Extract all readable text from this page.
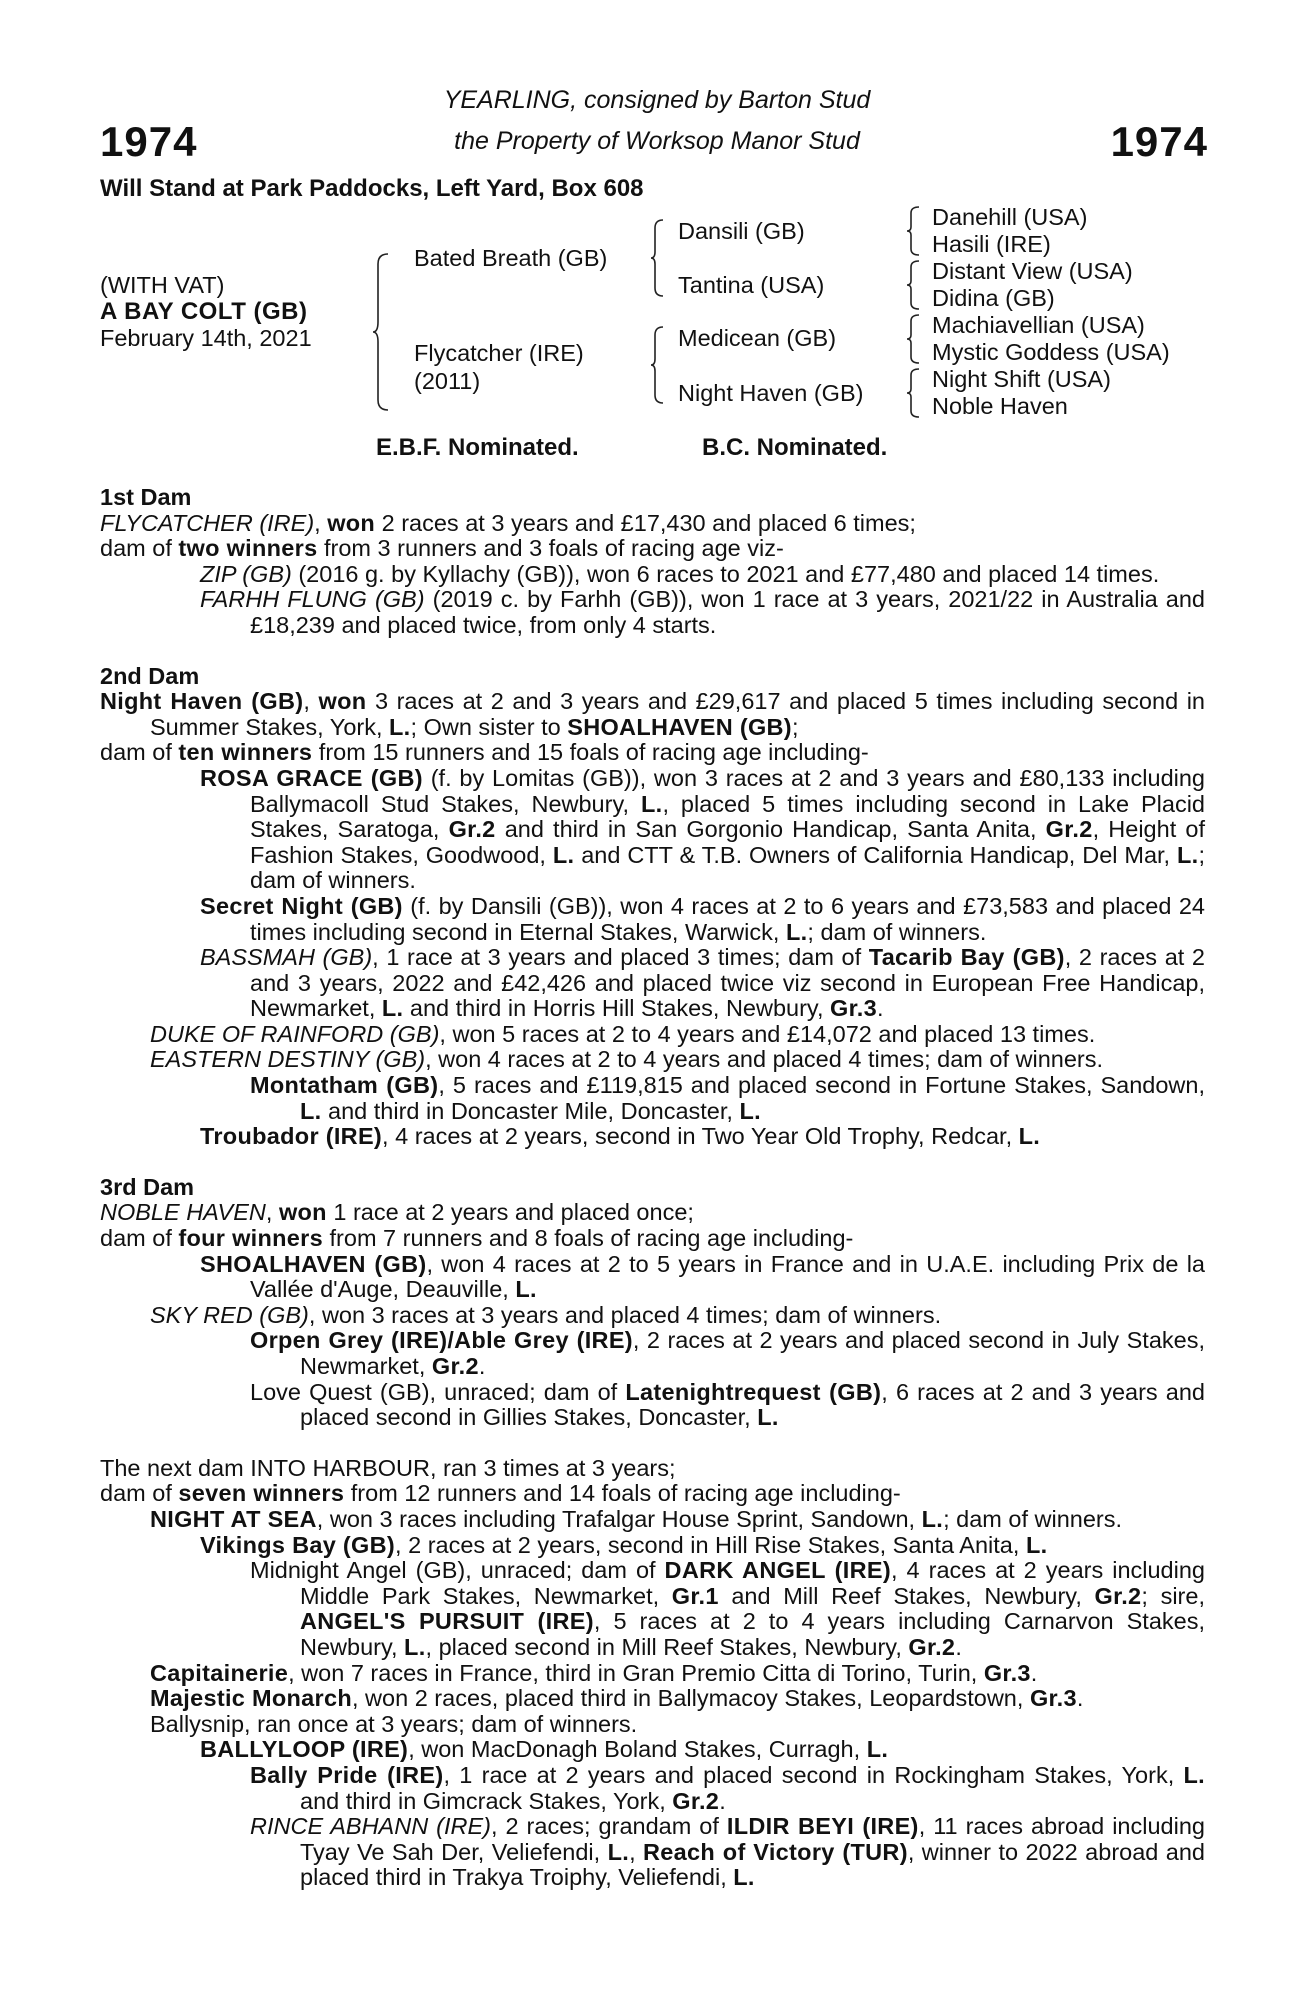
1974	1974
YEARLING, consigned by Barton Stud
the Property of Worksop Manor Stud
Will Stand at Park Paddocks, Left Yard, Box 608
(WITH VAT)
A BAY COLT (GB)
February 14th, 2021
Bated Breath (GB)
Flycatcher (IRE)
(2011)
Dansili (GB)
Tantina (USA)
Medicean (GB)
Night Haven (GB)
Danehill (USA)
Hasili (IRE)
Distant View (USA)
Didina (GB)
Machiavellian (USA)
Mystic Goddess (USA)
Night Shift (USA)
Noble Haven
E.B.F. Nominated.	B.C. Nominated.
1st Dam
FLYCATCHER (IRE), won 2 races at 3 years and £17,430 and placed 6 times;
dam of two winners from 3 runners and 3 foals of racing age viz-
ZIP (GB) (2016 g. by Kyllachy (GB)), won 6 races to 2021 and £77,480 and placed 14 times.
FARHH FLUNG (GB) (2019 c. by Farhh (GB)), won 1 race at 3 years, 2021/22 in Australia and £18,239 and placed twice, from only 4 starts.
2nd Dam
Night Haven (GB), won 3 races at 2 and 3 years and £29,617 and placed 5 times including second in Summer Stakes, York, L.; Own sister to SHOALHAVEN (GB);
dam of ten winners from 15 runners and 15 foals of racing age including-
ROSA GRACE (GB) (f. by Lomitas (GB)), won 3 races at 2 and 3 years and £80,133 including Ballymacoll Stud Stakes, Newbury, L., placed 5 times including second in Lake Placid Stakes, Saratoga, Gr.2 and third in San Gorgonio Handicap, Santa Anita, Gr.2, Height of Fashion Stakes, Goodwood, L. and CTT & T.B. Owners of California Handicap, Del Mar, L.; dam of winners.
Secret Night (GB) (f. by Dansili (GB)), won 4 races at 2 to 6 years and £73,583 and placed 24 times including second in Eternal Stakes, Warwick, L.; dam of winners.
BASSMAH (GB), 1 race at 3 years and placed 3 times; dam of Tacarib Bay (GB), 2 races at 2 and 3 years, 2022 and £42,426 and placed twice viz second in European Free Handicap, Newmarket, L. and third in Horris Hill Stakes, Newbury, Gr.3.
DUKE OF RAINFORD (GB), won 5 races at 2 to 4 years and £14,072 and placed 13 times.
EASTERN DESTINY (GB), won 4 races at 2 to 4 years and placed 4 times; dam of winners.
Montatham (GB), 5 races and £119,815 and placed second in Fortune Stakes, Sandown, L. and third in Doncaster Mile, Doncaster, L.
Troubador (IRE), 4 races at 2 years, second in Two Year Old Trophy, Redcar, L.
3rd Dam
NOBLE HAVEN, won 1 race at 2 years and placed once;
dam of four winners from 7 runners and 8 foals of racing age including-
SHOALHAVEN (GB), won 4 races at 2 to 5 years in France and in U.A.E. including Prix de la Vallée d'Auge, Deauville, L.
SKY RED (GB), won 3 races at 3 years and placed 4 times; dam of winners.
Orpen Grey (IRE)/Able Grey (IRE), 2 races at 2 years and placed second in July Stakes, Newmarket, Gr.2.
Love Quest (GB), unraced; dam of Latenightrequest (GB), 6 races at 2 and 3 years and placed second in Gillies Stakes, Doncaster, L.
The next dam INTO HARBOUR, ran 3 times at 3 years;
dam of seven winners from 12 runners and 14 foals of racing age including-
NIGHT AT SEA, won 3 races including Trafalgar House Sprint, Sandown, L.; dam of winners.
Vikings Bay (GB), 2 races at 2 years, second in Hill Rise Stakes, Santa Anita, L.
Midnight Angel (GB), unraced; dam of DARK ANGEL (IRE), 4 races at 2 years including Middle Park Stakes, Newmarket, Gr.1 and Mill Reef Stakes, Newbury, Gr.2; sire, ANGEL'S PURSUIT (IRE), 5 races at 2 to 4 years including Carnarvon Stakes, Newbury, L., placed second in Mill Reef Stakes, Newbury, Gr.2.
Capitainerie, won 7 races in France, third in Gran Premio Citta di Torino, Turin, Gr.3.
Majestic Monarch, won 2 races, placed third in Ballymacoy Stakes, Leopardstown, Gr.3.
Ballysnip, ran once at 3 years; dam of winners.
BALLYLOOP (IRE), won MacDonagh Boland Stakes, Curragh, L.
Bally Pride (IRE), 1 race at 2 years and placed second in Rockingham Stakes, York, L. and third in Gimcrack Stakes, York, Gr.2.
RINCE ABHANN (IRE), 2 races; grandam of ILDIR BEYI (IRE), 11 races abroad including Tyay Ve Sah Der, Veliefendi, L., Reach of Victory (TUR), winner to 2022 abroad and placed third in Trakya Troiphy, Veliefendi, L.
